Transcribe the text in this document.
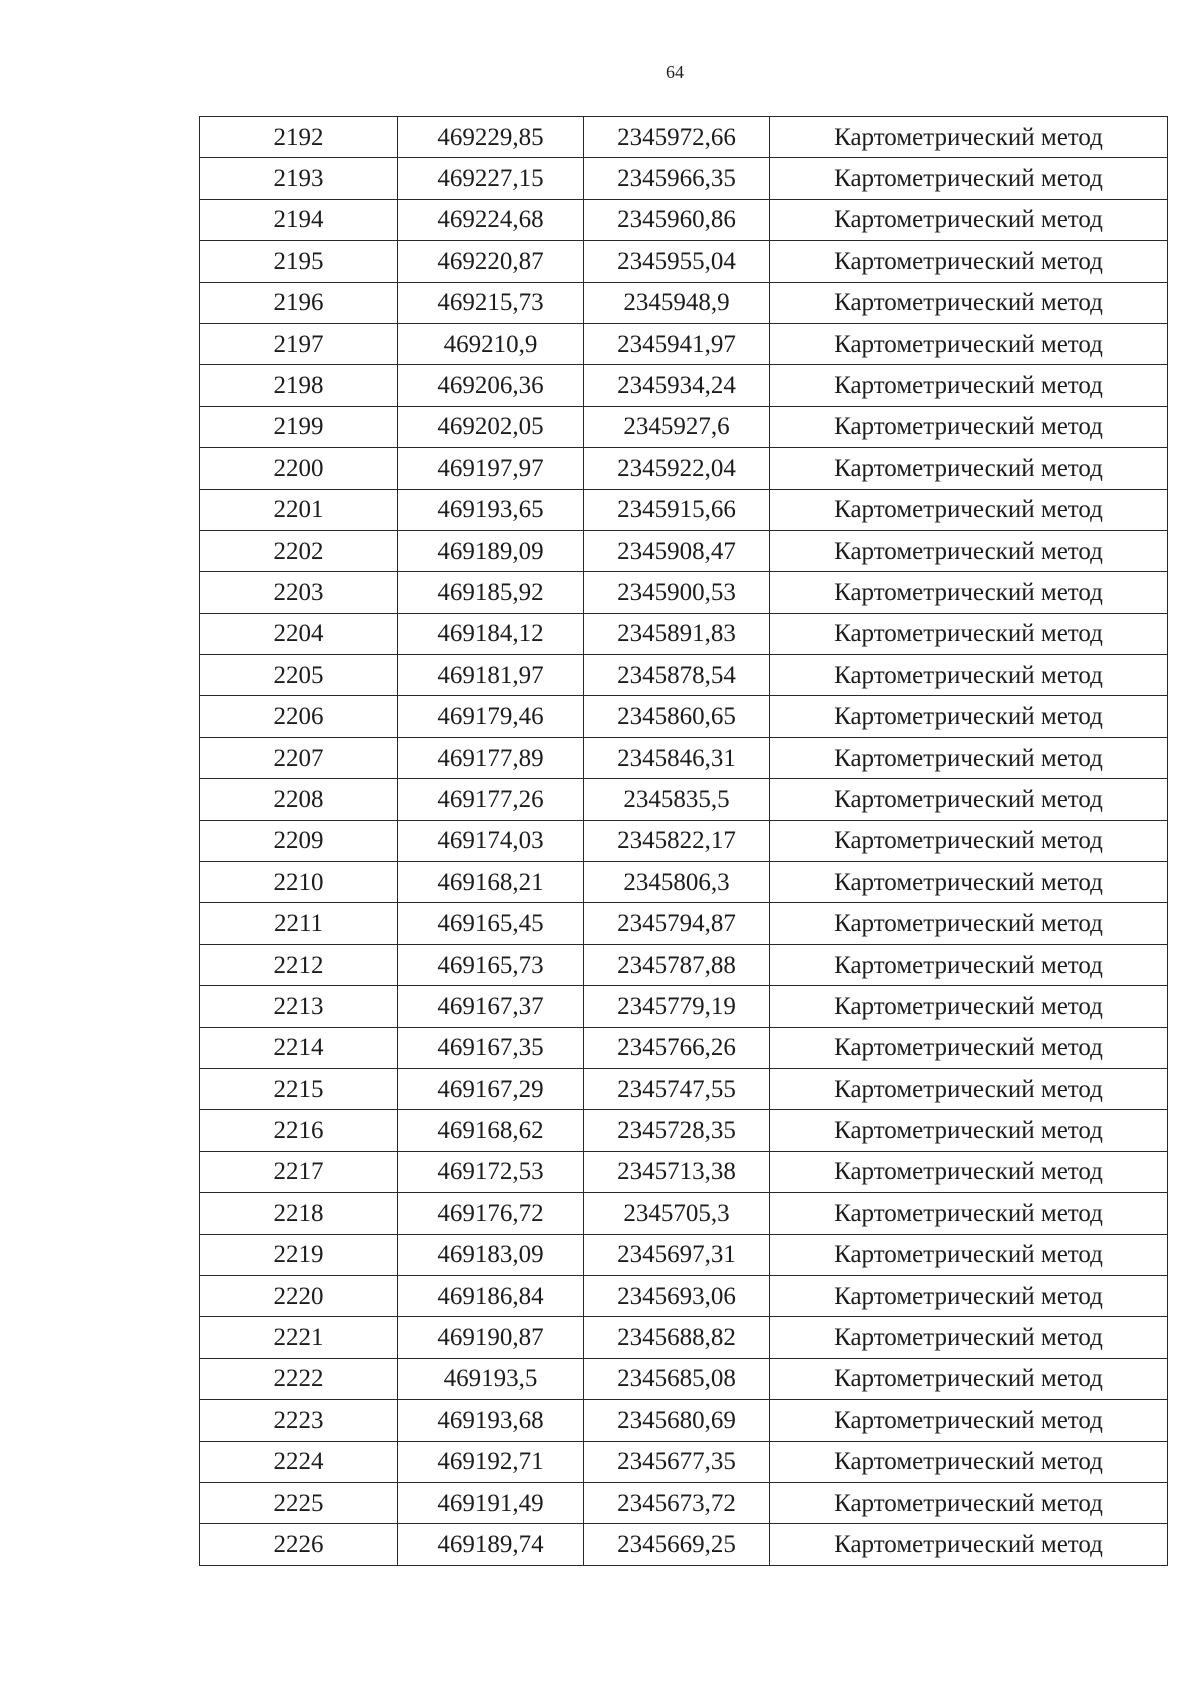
64
2192	469229,85	2345972,66	Картометрический метод
2193	469227,15	2345966,35	Картометрический метод
2194	469224,68	2345960,86	Картометрический метод
2195	469220,87	2345955,04	Картометрический метод
2196	469215,73	2345948,9	Картометрический метод
2197	469210,9	2345941,97	Картометрический метод
2198	469206,36	2345934,24	Картометрический метод
2199	469202,05	2345927,6	Картометрический метод
2200	469197,97	2345922,04	Картометрический метод
2201	469193,65	2345915,66	Картометрический метод
2202	469189,09	2345908,47	Картометрический метод
2203	469185,92	2345900,53	Картометрический метод
2204	469184,12	2345891,83	Картометрический метод
2205	469181,97	2345878,54	Картометрический метод
2206	469179,46	2345860,65	Картометрический метод
2207	469177,89	2345846,31	Картометрический метод
2208	469177,26	2345835,5	Картометрический метод
2209	469174,03	2345822,17	Картометрический метод
2210	469168,21	2345806,3	Картометрический метод
2211	469165,45	2345794,87	Картометрический метод
2212	469165,73	2345787,88	Картометрический метод
2213	469167,37	2345779,19	Картометрический метод
2214	469167,35	2345766,26	Картометрический метод
2215	469167,29	2345747,55	Картометрический метод
2216	469168,62	2345728,35	Картометрический метод
2217	469172,53	2345713,38	Картометрический метод
2218	469176,72	2345705,3	Картометрический метод
2219	469183,09	2345697,31	Картометрический метод
2220	469186,84	2345693,06	Картометрический метод
2221	469190,87	2345688,82	Картометрический метод
2222	469193,5	2345685,08	Картометрический метод
2223	469193,68	2345680,69	Картометрический метод
2224	469192,71	2345677,35	Картометрический метод
2225	469191,49	2345673,72	Картометрический метод
2226	469189,74	2345669,25	Картометрический метод
